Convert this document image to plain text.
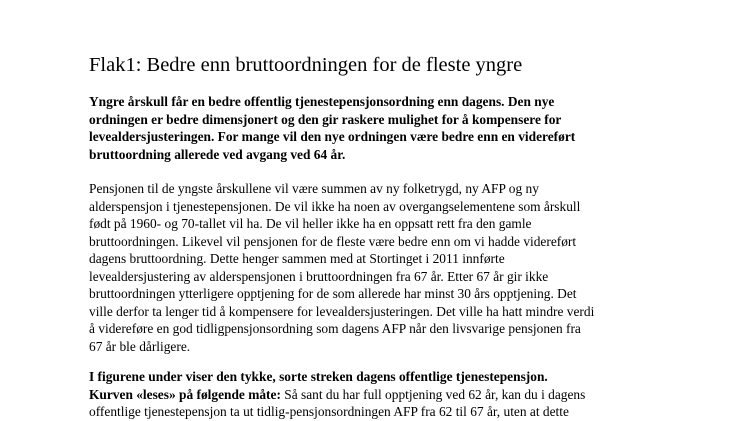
Flak1: Bedre enn bruttoordningen for de fleste yngre
Yngre årskull får en bedre offentlig tjenestepensjonsordning enn dagens. Den nye
ordningen er bedre dimensjonert og den gir raskere mulighet for å kompensere for
levealdersjusteringen. For mange vil den nye ordningen være bedre enn en videreført
bruttoordning allerede ved avgang ved 64 år.
Pensjonen til de yngste årskullene vil være summen av ny folketrygd, ny AFP og ny
alderspensjon i tjenestepensjonen. De vil ikke ha noen av overgangselementene som årskull
født på 1960- og 70-tallet vil ha. De vil heller ikke ha en oppsatt rett fra den gamle
bruttoordningen. Likevel vil pensjonen for de fleste være bedre enn om vi hadde videreført
dagens bruttoordning. Dette henger sammen med at Stortinget i 2011 innførte
levealdersjustering av alderspensjonen i bruttoordningen fra 67 år. Etter 67 år gir ikke
bruttoordningen ytterligere opptjening for de som allerede har minst 30 års opptjening. Det
ville derfor ta lenger tid å kompensere for levealdersjusteringen. Det ville ha hatt mindre verdi
å videreføre en god tidligpensjonsordning som dagens AFP når den livsvarige pensjonen fra
67 år ble dårligere.
I figurene under viser den tykke, sorte streken dagens offentlige tjenestepensjon.
Kurven «leses» på følgende måte: Så sant du har full opptjening ved 62 år, kan du i dagens
offentlige tjenestepensjon ta ut tidlig-pensjonsordningen AFP fra 62 til 67 år, uten at dette
